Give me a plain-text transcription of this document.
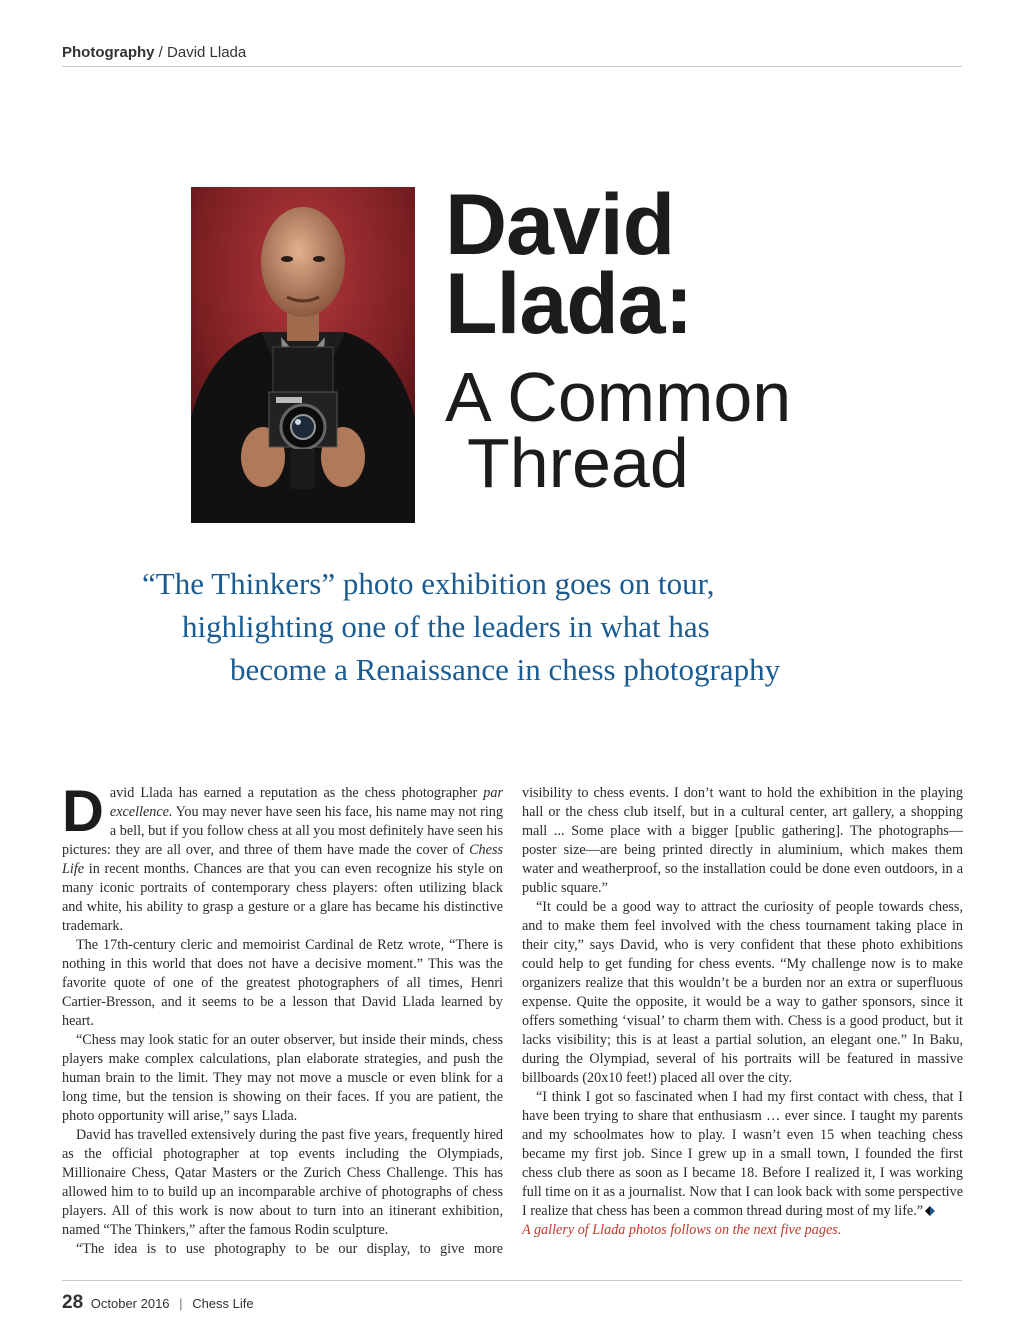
Photography / David Llada
David
Llada:
A Common
Thread
“The Thinkers” photo exhibition goes on tour,
highlighting one of the leaders in what has
become a Renaissance in chess photography

David Llada has earned a reputation as the chess photographer par excellence. You may never have seen his face, his name may not ring a bell, but if you follow chess at all you most definitely have seen his pictures: they are all over, and three of them have made the cover of Chess Life in recent months. Chances are that you can even recognize his style on many iconic portraits of contemporary chess players: often utilizing black and white, his ability to grasp a gesture or a glare has became his distinctive trademark.

The 17th-century cleric and memoirist Cardinal de Retz wrote, “There is nothing in this world that does not have a decisive moment.” This was the favorite quote of one of the greatest photographers of all times, Henri Cartier-Bresson, and it seems to be a lesson that David Llada learned by heart.

“Chess may look static for an outer observer, but inside their minds, chess players make complex calculations, plan elaborate strategies, and push the human brain to the limit. They may not move a muscle or even blink for a long time, but the tension is showing on their faces. If you are patient, the photo opportunity will arise,” says Llada.

David has travelled extensively during the past five years, frequently hired as the official photographer at top events including the Olympiads, Millionaire Chess, Qatar Masters or the Zurich Chess Challenge. This has allowed him to to build up an incomparable archive of photographs of chess players. All of this work is now about to turn into an itinerant exhibition, named “The Thinkers,” after the famous Rodin sculpture.

“The idea is to use photography to be our display, to give more

visibility to chess events. I don’t want to hold the exhibition in the playing hall or the chess club itself, but in a cultural center, art gallery, a shopping mall ... Some place with a bigger [public gathering]. The photographs—poster size—are being printed directly in aluminium, which makes them water and weatherproof, so the installation could be done even outdoors, in a public square.”

“It could be a good way to attract the curiosity of people towards chess, and to make them feel involved with the chess tournament taking place in their city,” says David, who is very confident that these photo exhibitions could help to get funding for chess events. “My challenge now is to make organizers realize that this wouldn’t be a burden nor an extra or superfluous expense. Quite the opposite, it would be a way to gather sponsors, since it offers something ‘visual’ to charm them with. Chess is a good product, but it lacks visibility; this is at least a partial solution, an elegant one.” In Baku, during the Olympiad, several of his portraits will be featured in massive billboards (20x10 feet!) placed all over the city.

“I think I got so fascinated when I had my first contact with chess, that I have been trying to share that enthusiasm … ever since. I taught my parents and my schoolmates how to play. I wasn’t even 15 when teaching chess became my first job. Since I grew up in a small town, I founded the first chess club there as soon as I became 18. Before I realized it, I was working full time on it as a journalist. Now that I can look back with some perspective I realize that chess has been a common thread during most of my life.”

A gallery of Llada photos follows on the next five pages.

28 October 2016 | Chess Life
